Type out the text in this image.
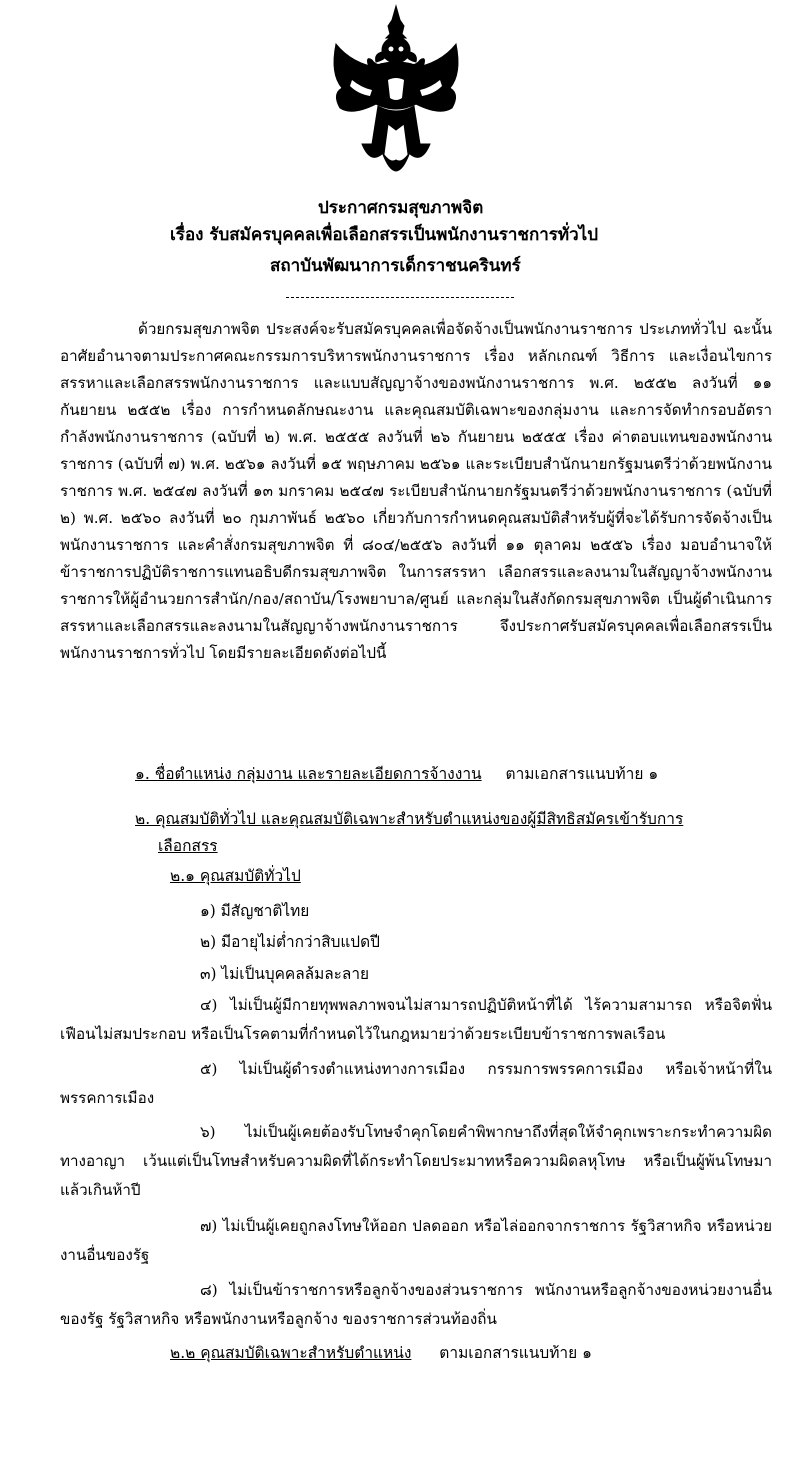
ประกาศกรมสุขภาพจิต
เรื่อง รับสมัครบุคคลเพื่อเลือกสรรเป็นพนักงานราชการทั่วไป
สถาบันพัฒนาการเด็กราชนครินทร์

ด้วยกรมสุขภาพจิต ประสงค์จะรับสมัครบุคคลเพื่อจัดจ้างเป็นพนักงานราชการ ประเภททั่วไป ฉะนั้น อาศัยอำนาจตามประกาศคณะกรรมการบริหารพนักงานราชการ เรื่อง หลักเกณฑ์ วิธีการ และเงื่อนไขการสรรหาและเลือกสรรพนักงานราชการ และแบบสัญญาจ้างของพนักงานราชการ พ.ศ. ๒๕๕๒ ลงวันที่ ๑๑ กันยายน ๒๕๕๒ เรื่อง การกำหนดลักษณะงาน และคุณสมบัติเฉพาะของกลุ่มงาน และการจัดทำกรอบอัตรากำลังพนักงานราชการ (ฉบับที่ ๒) พ.ศ. ๒๕๕๕ ลงวันที่ ๒๖ กันยายน ๒๕๕๕ เรื่อง ค่าตอบแทนของพนักงานราชการ (ฉบับที่ ๗) พ.ศ. ๒๕๖๑ ลงวันที่ ๑๕ พฤษภาคม ๒๕๖๑ และระเบียบสำนักนายกรัฐมนตรีว่าด้วยพนักงานราชการ พ.ศ. ๒๕๔๗ ลงวันที่ ๑๓ มกราคม ๒๕๔๗ ระเบียบสำนักนายกรัฐมนตรีว่าด้วยพนักงานราชการ (ฉบับที่ ๒) พ.ศ. ๒๕๖๐ ลงวันที่ ๒๐ กุมภาพันธ์ ๒๕๖๐ เกี่ยวกับการกำหนดคุณสมบัติสำหรับผู้ที่จะได้รับการจัดจ้างเป็นพนักงานราชการ และคำสั่งกรมสุขภาพจิต ที่ ๘๐๔/๒๕๕๖ ลงวันที่ ๑๑ ตุลาคม ๒๕๕๖ เรื่อง มอบอำนาจให้ข้าราชการปฏิบัติราชการแทนอธิบดีกรมสุขภาพจิต ในการสรรหา เลือกสรรและลงนามในสัญญาจ้างพนักงานราชการให้ผู้อำนวยการสำนัก/กอง/สถาบัน/โรงพยาบาล/ศูนย์ และกลุ่มในสังกัดกรมสุขภาพจิต เป็นผู้ดำเนินการสรรหาและเลือกสรรและลงนามในสัญญาจ้างพนักงานราชการ จึงประกาศรับสมัครบุคคลเพื่อเลือกสรรเป็นพนักงานราชการทั่วไป โดยมีรายละเอียดดังต่อไปนี้

๑. ชื่อตำแหน่ง กลุ่มงาน และรายละเอียดการจ้างงาน ตามเอกสารแนบท้าย ๑
๒. คุณสมบัติทั่วไป และคุณสมบัติเฉพาะสำหรับตำแหน่งของผู้มีสิทธิสมัครเข้ารับการ
เลือกสรร
๒.๑ คุณสมบัติทั่วไป
๑) มีสัญชาติไทย
๒) มีอายุไม่ต่ำกว่าสิบแปดปี
๓) ไม่เป็นบุคคลล้มละลาย

๔) ไม่เป็นผู้มีกายทุพพลภาพจนไม่สามารถปฏิบัติหน้าที่ได้ ไร้ความสามารถ หรือจิตฟั่นเฟือนไม่สมประกอบ หรือเป็นโรคตามที่กำหนดไว้ในกฎหมายว่าด้วยระเบียบข้าราชการพลเรือน

๕) ไม่เป็นผู้ดำรงตำแหน่งทางการเมือง กรรมการพรรคการเมือง หรือเจ้าหน้าที่ในพรรคการเมือง

๖) ไม่เป็นผู้เคยต้องรับโทษจำคุกโดยคำพิพากษาถึงที่สุดให้จำคุกเพราะกระทำความผิดทางอาญา เว้นแต่เป็นโทษสำหรับความผิดที่ได้กระทำโดยประมาทหรือความผิดลหุโทษ หรือเป็นผู้พ้นโทษมาแล้วเกินห้าปี

๗) ไม่เป็นผู้เคยถูกลงโทษให้ออก ปลดออก หรือไล่ออกจากราชการ รัฐวิสาหกิจ หรือหน่วยงานอื่นของรัฐ

๘) ไม่เป็นข้าราชการหรือลูกจ้างของส่วนราชการ พนักงานหรือลูกจ้างของหน่วยงานอื่นของรัฐ รัฐวิสาหกิจ หรือพนักงานหรือลูกจ้าง ของราชการส่วนท้องถิ่น

๒.๒ คุณสมบัติเฉพาะสำหรับตำแหน่ง ตามเอกสารแนบท้าย ๑
